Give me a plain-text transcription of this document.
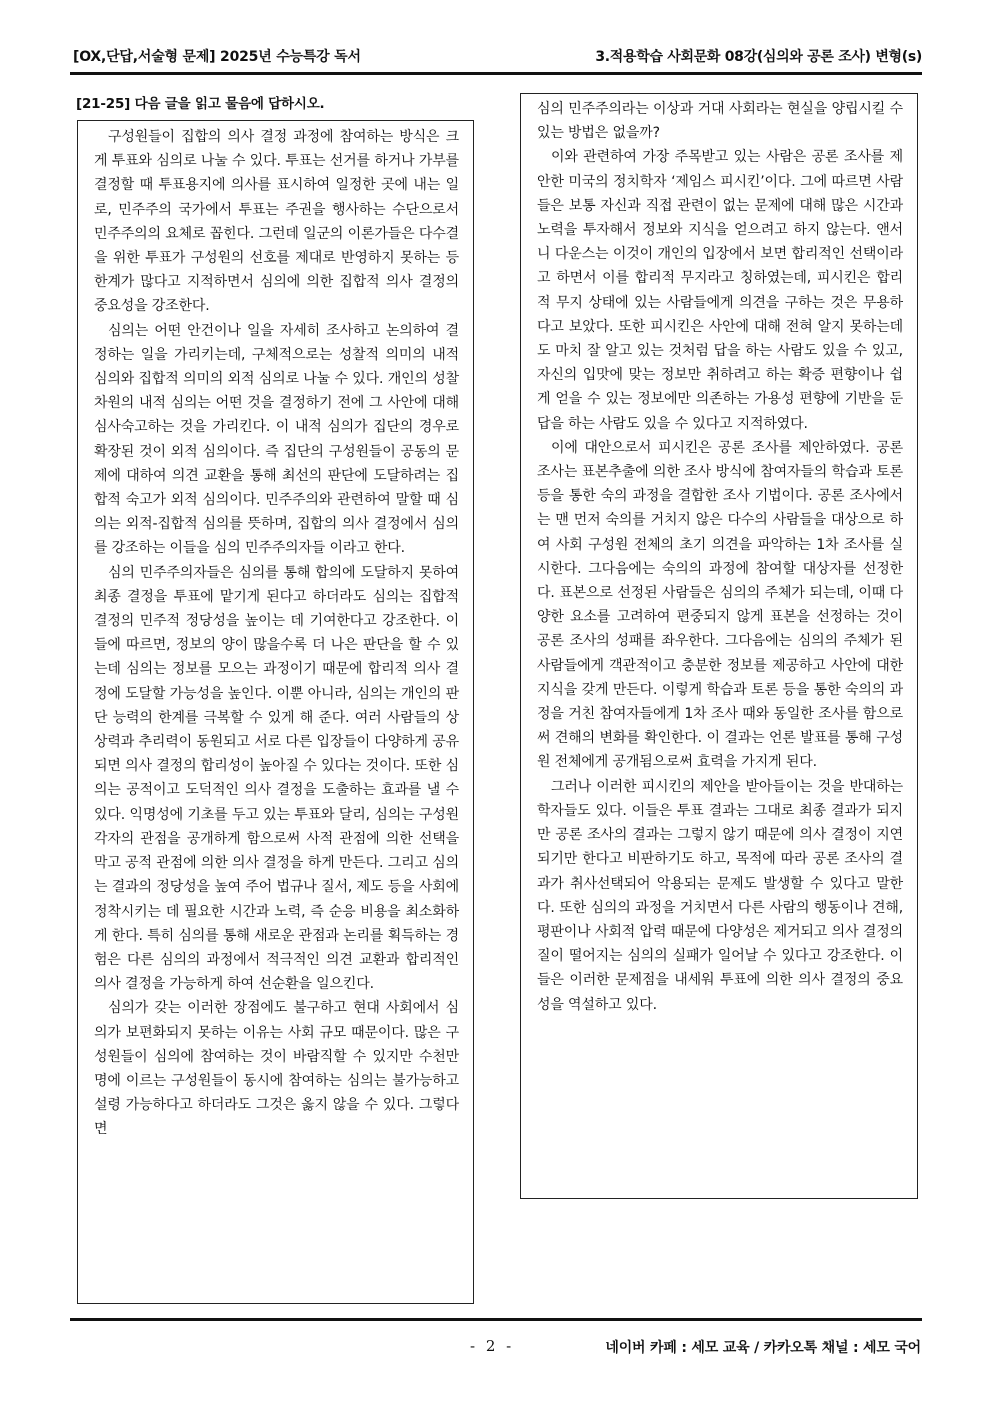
[OX,단답,서술형 문제] 2025년 수능특강 독서	3.적용학습 사회문화 08강(심의와 공론 조사) 변형(s)
[21-25] 다음 글을 읽고 물음에 답하시오.

구성원들이 집합의 의사 결정 과정에 참여하는 방식은 크게 투표와 심의로 나눌 수 있다. 투표는 선거를 하거나 가부를 결정할 때 투표용지에 의사를 표시하여 일정한 곳에 내는 일로, 민주주의 국가에서 투표는 주권을 행사하는 수단으로서 민주주의의 요체로 꼽힌다. 그런데 일군의 이론가들은 다수결을 위한 투표가 구성원의 선호를 제대로 반영하지 못하는 등 한계가 많다고 지적하면서 심의에 의한 집합적 의사 결정의 중요성을 강조한다.

심의는 어떤 안건이나 일을 자세히 조사하고 논의하여 결정하는 일을 가리키는데, 구체적으로는 성찰적 의미의 내적 심의와 집합적 의미의 외적 심의로 나눌 수 있다. 개인의 성찰 차원의 내적 심의는 어떤 것을 결정하기 전에 그 사안에 대해 심사숙고하는 것을 가리킨다. 이 내적 심의가 집단의 경우로 확장된 것이 외적 심의이다. 즉 집단의 구성원들이 공동의 문제에 대하여 의견 교환을 통해 최선의 판단에 도달하려는 집합적 숙고가 외적 심의이다. 민주주의와 관련하여 말할 때 심의는 외적-집합적 심의를 뜻하며, 집합의 의사 결정에서 심의를 강조하는 이들을 심의 민주주의자들 이라고 한다.

심의 민주주의자들은 심의를 통해 합의에 도달하지 못하여 최종 결정을 투표에 맡기게 된다고 하더라도 심의는 집합적 결정의 민주적 정당성을 높이는 데 기여한다고 강조한다. 이들에 따르면, 정보의 양이 많을수록 더 나은 판단을 할 수 있는데 심의는 정보를 모으는 과정이기 때문에 합리적 의사 결정에 도달할 가능성을 높인다. 이뿐 아니라, 심의는 개인의 판단 능력의 한계를 극복할 수 있게 해 준다. 여러 사람들의 상상력과 추리력이 동원되고 서로 다른 입장들이 다양하게 공유되면 의사 결정의 합리성이 높아질 수 있다는 것이다. 또한 심의는 공적이고 도덕적인 의사 결정을 도출하는 효과를 낼 수 있다. 익명성에 기초를 두고 있는 투표와 달리, 심의는 구성원 각자의 관점을 공개하게 함으로써 사적 관점에 의한 선택을 막고 공적 관점에 의한 의사 결정을 하게 만든다. 그리고 심의는 결과의 정당성을 높여 주어 법규나 질서, 제도 등을 사회에 정착시키는 데 필요한 시간과 노력, 즉 순응 비용을 최소화하게 한다. 특히 심의를 통해 새로운 관점과 논리를 획득하는 경험은 다른 심의의 과정에서 적극적인 의견 교환과 합리적인 의사 결정을 가능하게 하여 선순환을 일으킨다.

심의가 갖는 이러한 장점에도 불구하고 현대 사회에서 심의가 보편화되지 못하는 이유는 사회 규모 때문이다. 많은 구성원들이 심의에 참여하는 것이 바람직할 수 있지만 수천만 명에 이르는 구성원들이 동시에 참여하는 심의는 불가능하고 설령 가능하다고 하더라도 그것은 옳지 않을 수 있다. 그렇다면

심의 민주주의라는 이상과 거대 사회라는 현실을 양립시킬 수 있는 방법은 없을까?

이와 관련하여 가장 주목받고 있는 사람은 공론 조사를 제안한 미국의 정치학자 ‘제임스 피시킨’이다. 그에 따르면 사람들은 보통 자신과 직접 관련이 없는 문제에 대해 많은 시간과 노력을 투자해서 정보와 지식을 얻으려고 하지 않는다. 앤서니 다운스는 이것이 개인의 입장에서 보면 합리적인 선택이라고 하면서 이를 합리적 무지라고 칭하였는데, 피시킨은 합리적 무지 상태에 있는 사람들에게 의견을 구하는 것은 무용하다고 보았다. 또한 피시킨은 사안에 대해 전혀 알지 못하는데도 마치 잘 알고 있는 것처럼 답을 하는 사람도 있을 수 있고, 자신의 입맛에 맞는 정보만 취하려고 하는 확증 편향이나 쉽게 얻을 수 있는 정보에만 의존하는 가용성 편향에 기반을 둔 답을 하는 사람도 있을 수 있다고 지적하였다.

이에 대안으로서 피시킨은 공론 조사를 제안하였다. 공론 조사는 표본추출에 의한 조사 방식에 참여자들의 학습과 토론 등을 통한 숙의 과정을 결합한 조사 기법이다. 공론 조사에서는 맨 먼저 숙의를 거치지 않은 다수의 사람들을 대상으로 하여 사회 구성원 전체의 초기 의견을 파악하는 1차 조사를 실시한다. 그다음에는 숙의의 과정에 참여할 대상자를 선정한다. 표본으로 선정된 사람들은 심의의 주체가 되는데, 이때 다양한 요소를 고려하여 편중되지 않게 표본을 선정하는 것이 공론 조사의 성패를 좌우한다. 그다음에는 심의의 주체가 된 사람들에게 객관적이고 충분한 정보를 제공하고 사안에 대한 지식을 갖게 만든다. 이렇게 학습과 토론 등을 통한 숙의의 과정을 거친 참여자들에게 1차 조사 때와 동일한 조사를 함으로써 견해의 변화를 확인한다. 이 결과는 언론 발표를 통해 구성원 전체에게 공개됨으로써 효력을 가지게 된다.

그러나 이러한 피시킨의 제안을 받아들이는 것을 반대하는 학자들도 있다. 이들은 투표 결과는 그대로 최종 결과가 되지만 공론 조사의 결과는 그렇지 않기 때문에 의사 결정이 지연되기만 한다고 비판하기도 하고, 목적에 따라 공론 조사의 결과가 취사선택되어 악용되는 문제도 발생할 수 있다고 말한다. 또한 심의의 과정을 거치면서 다른 사람의 행동이나 견해, 평판이나 사회적 압력 때문에 다양성은 제거되고 의사 결정의 질이 떨어지는 심의의 실패가 일어날 수 있다고 강조한다. 이들은 이러한 문제점을 내세워 투표에 의한 의사 결정의 중요성을 역설하고 있다.

- 2 -	네이버 카페 : 세모 교육 / 카카오톡 채널 : 세모 국어
